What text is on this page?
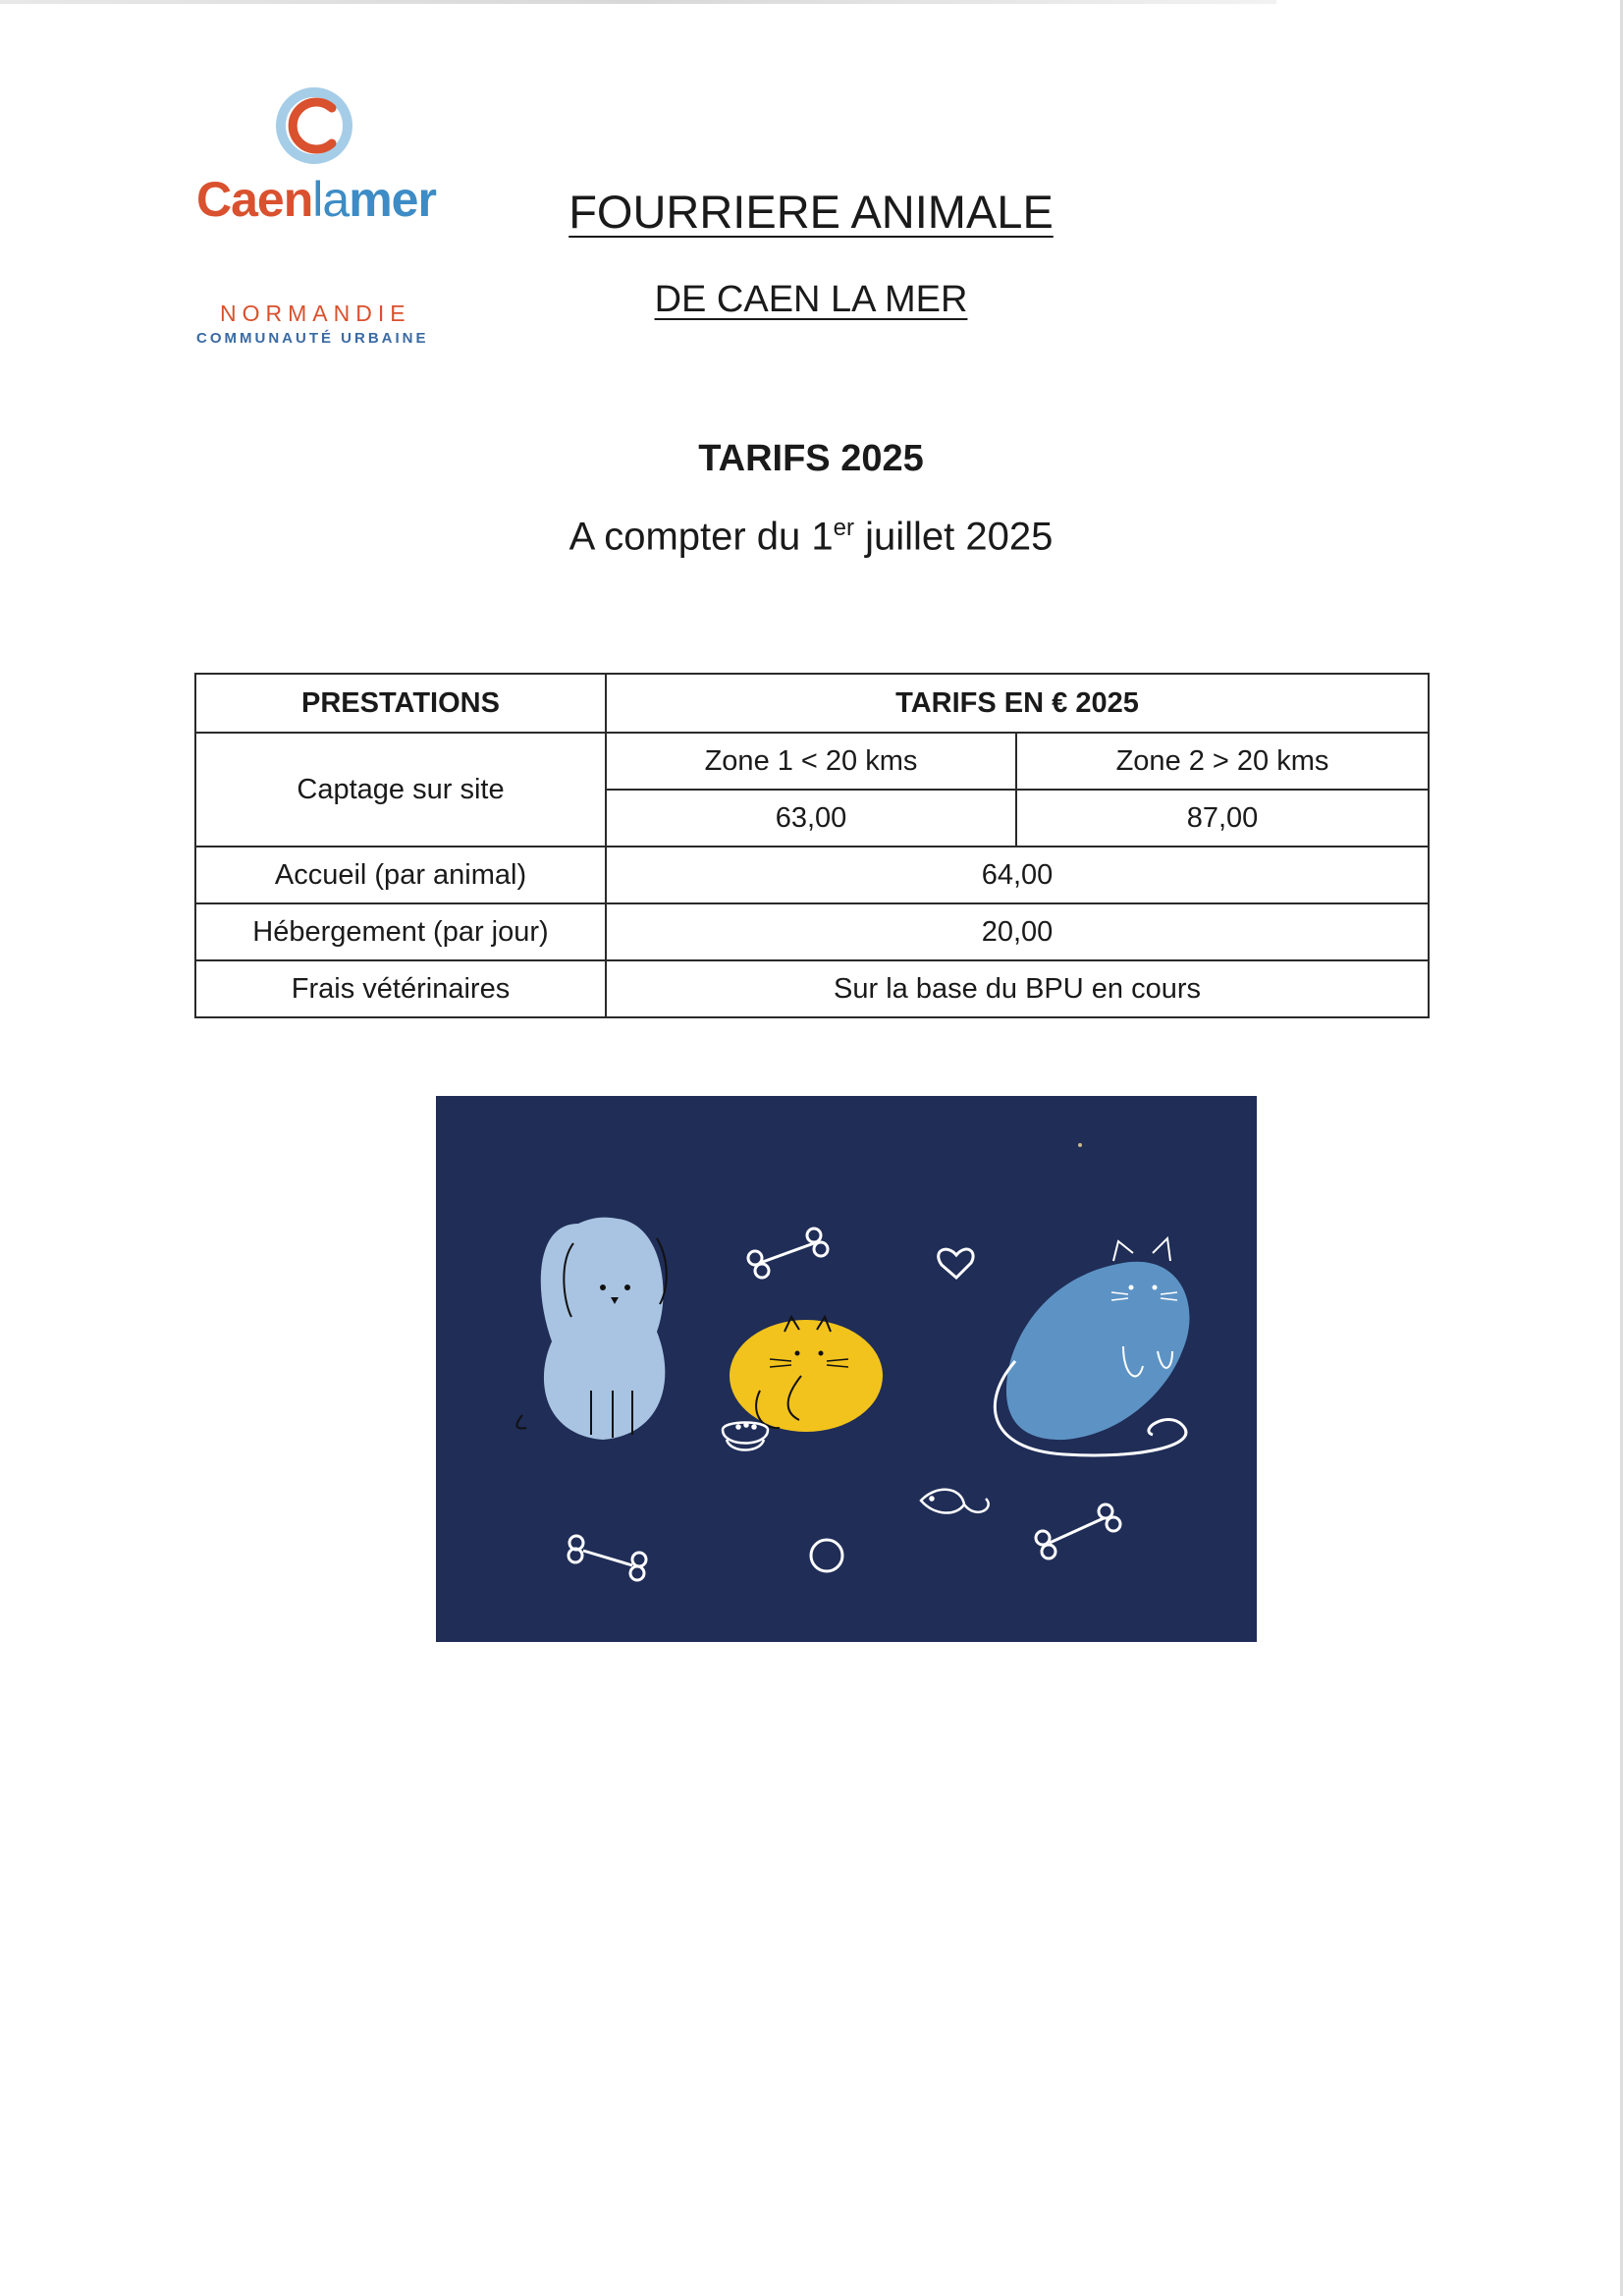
Caenlamer
NORMANDIE
COMMUNAUTÉ URBAINE
FOURRIERE ANIMALE
DE CAEN LA MER
TARIFS 2025
A compter du 1er juillet 2025
PRESTATIONS	TARIFS EN € 2025	
Captage sur site	Zone 1 < 20 kms	Zone 2 > 20 kms
	63,00	87,00
Accueil (par animal)	64,00	
Hébergement (par jour)	20,00	
Frais vétérinaires	Sur la base du BPU en cours	
